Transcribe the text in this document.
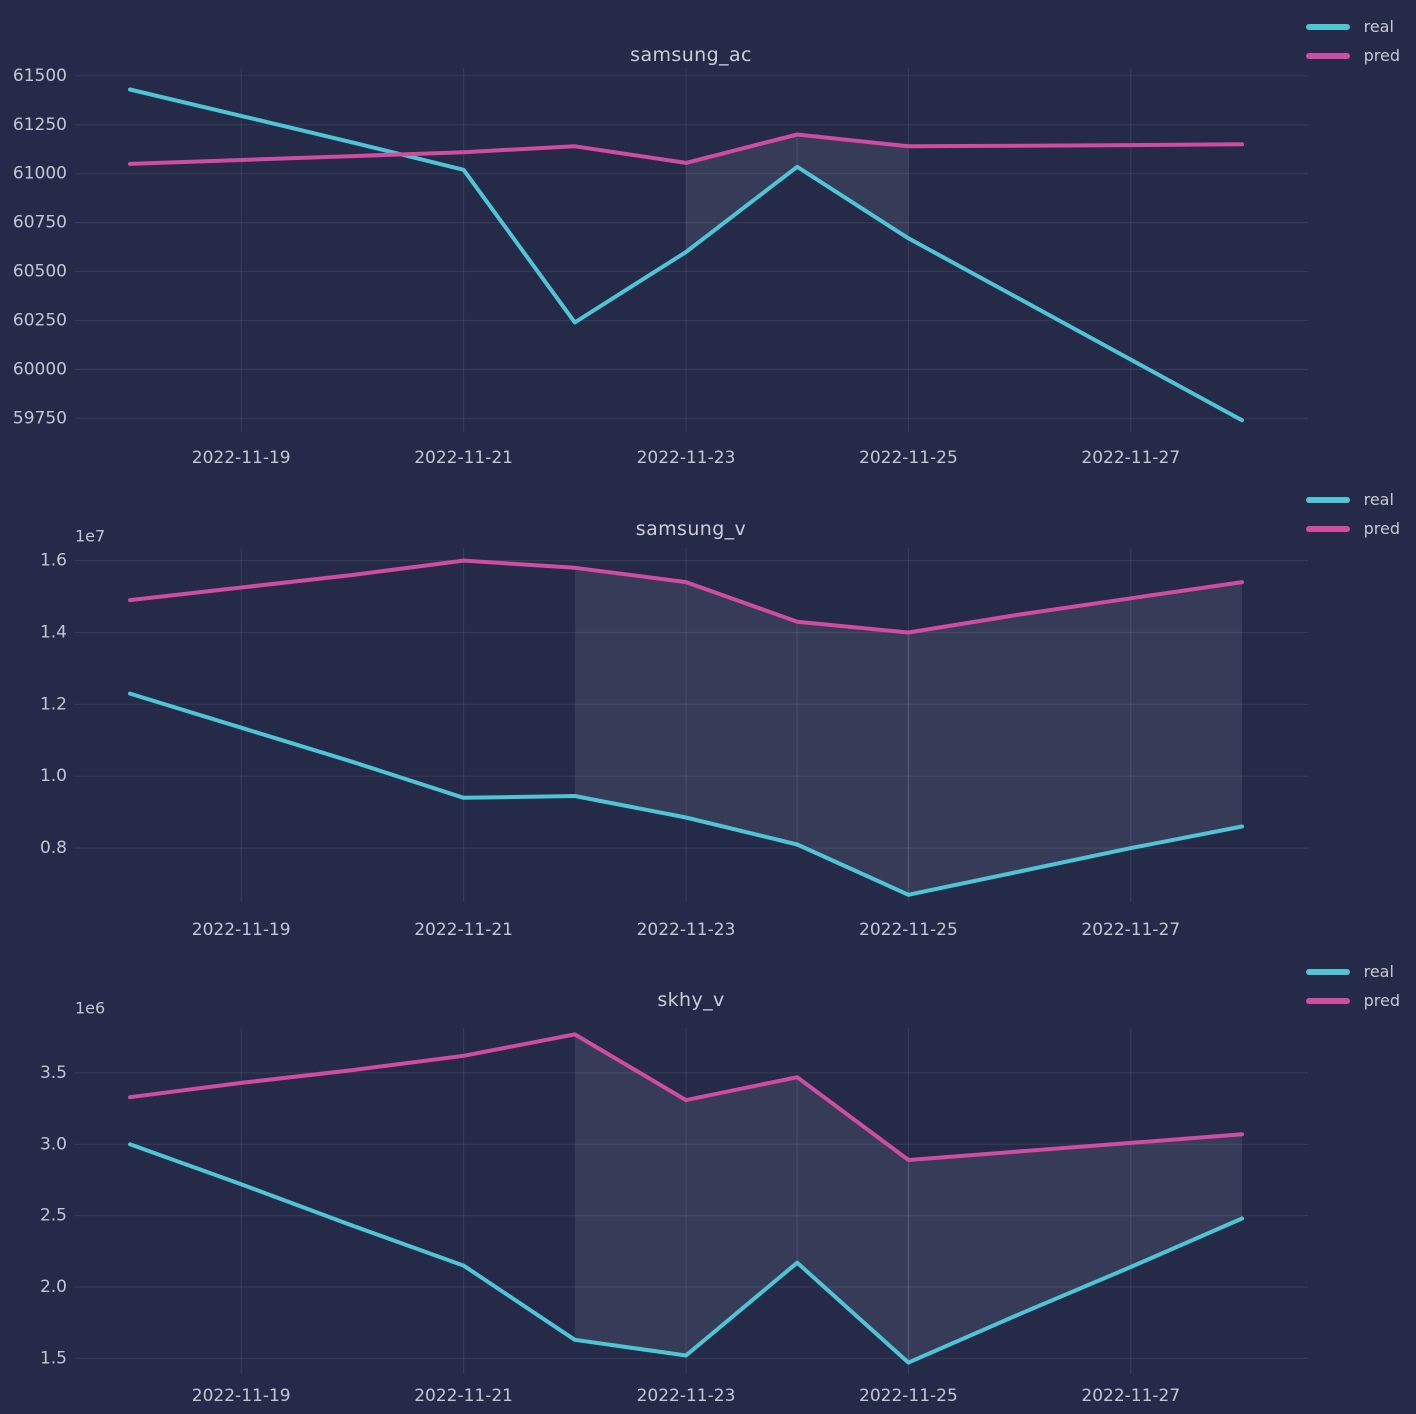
samsung_ac
real
pred
59750
60000
60250
60500
60750
61000
61250
61500
2022-11-19	2022-11-21	2022-11-23	2022-11-25	2022-11-27
samsung_v
real
pred
0.8
1.0
1.2
1.4
1.6
2022-11-19	2022-11-21	2022-11-23	2022-11-25	2022-11-27
1e7
skhy_v
real
pred
1.5
2.0
2.5
3.0
3.5
2022-11-19	2022-11-21	2022-11-23	2022-11-25	2022-11-27
1e6
